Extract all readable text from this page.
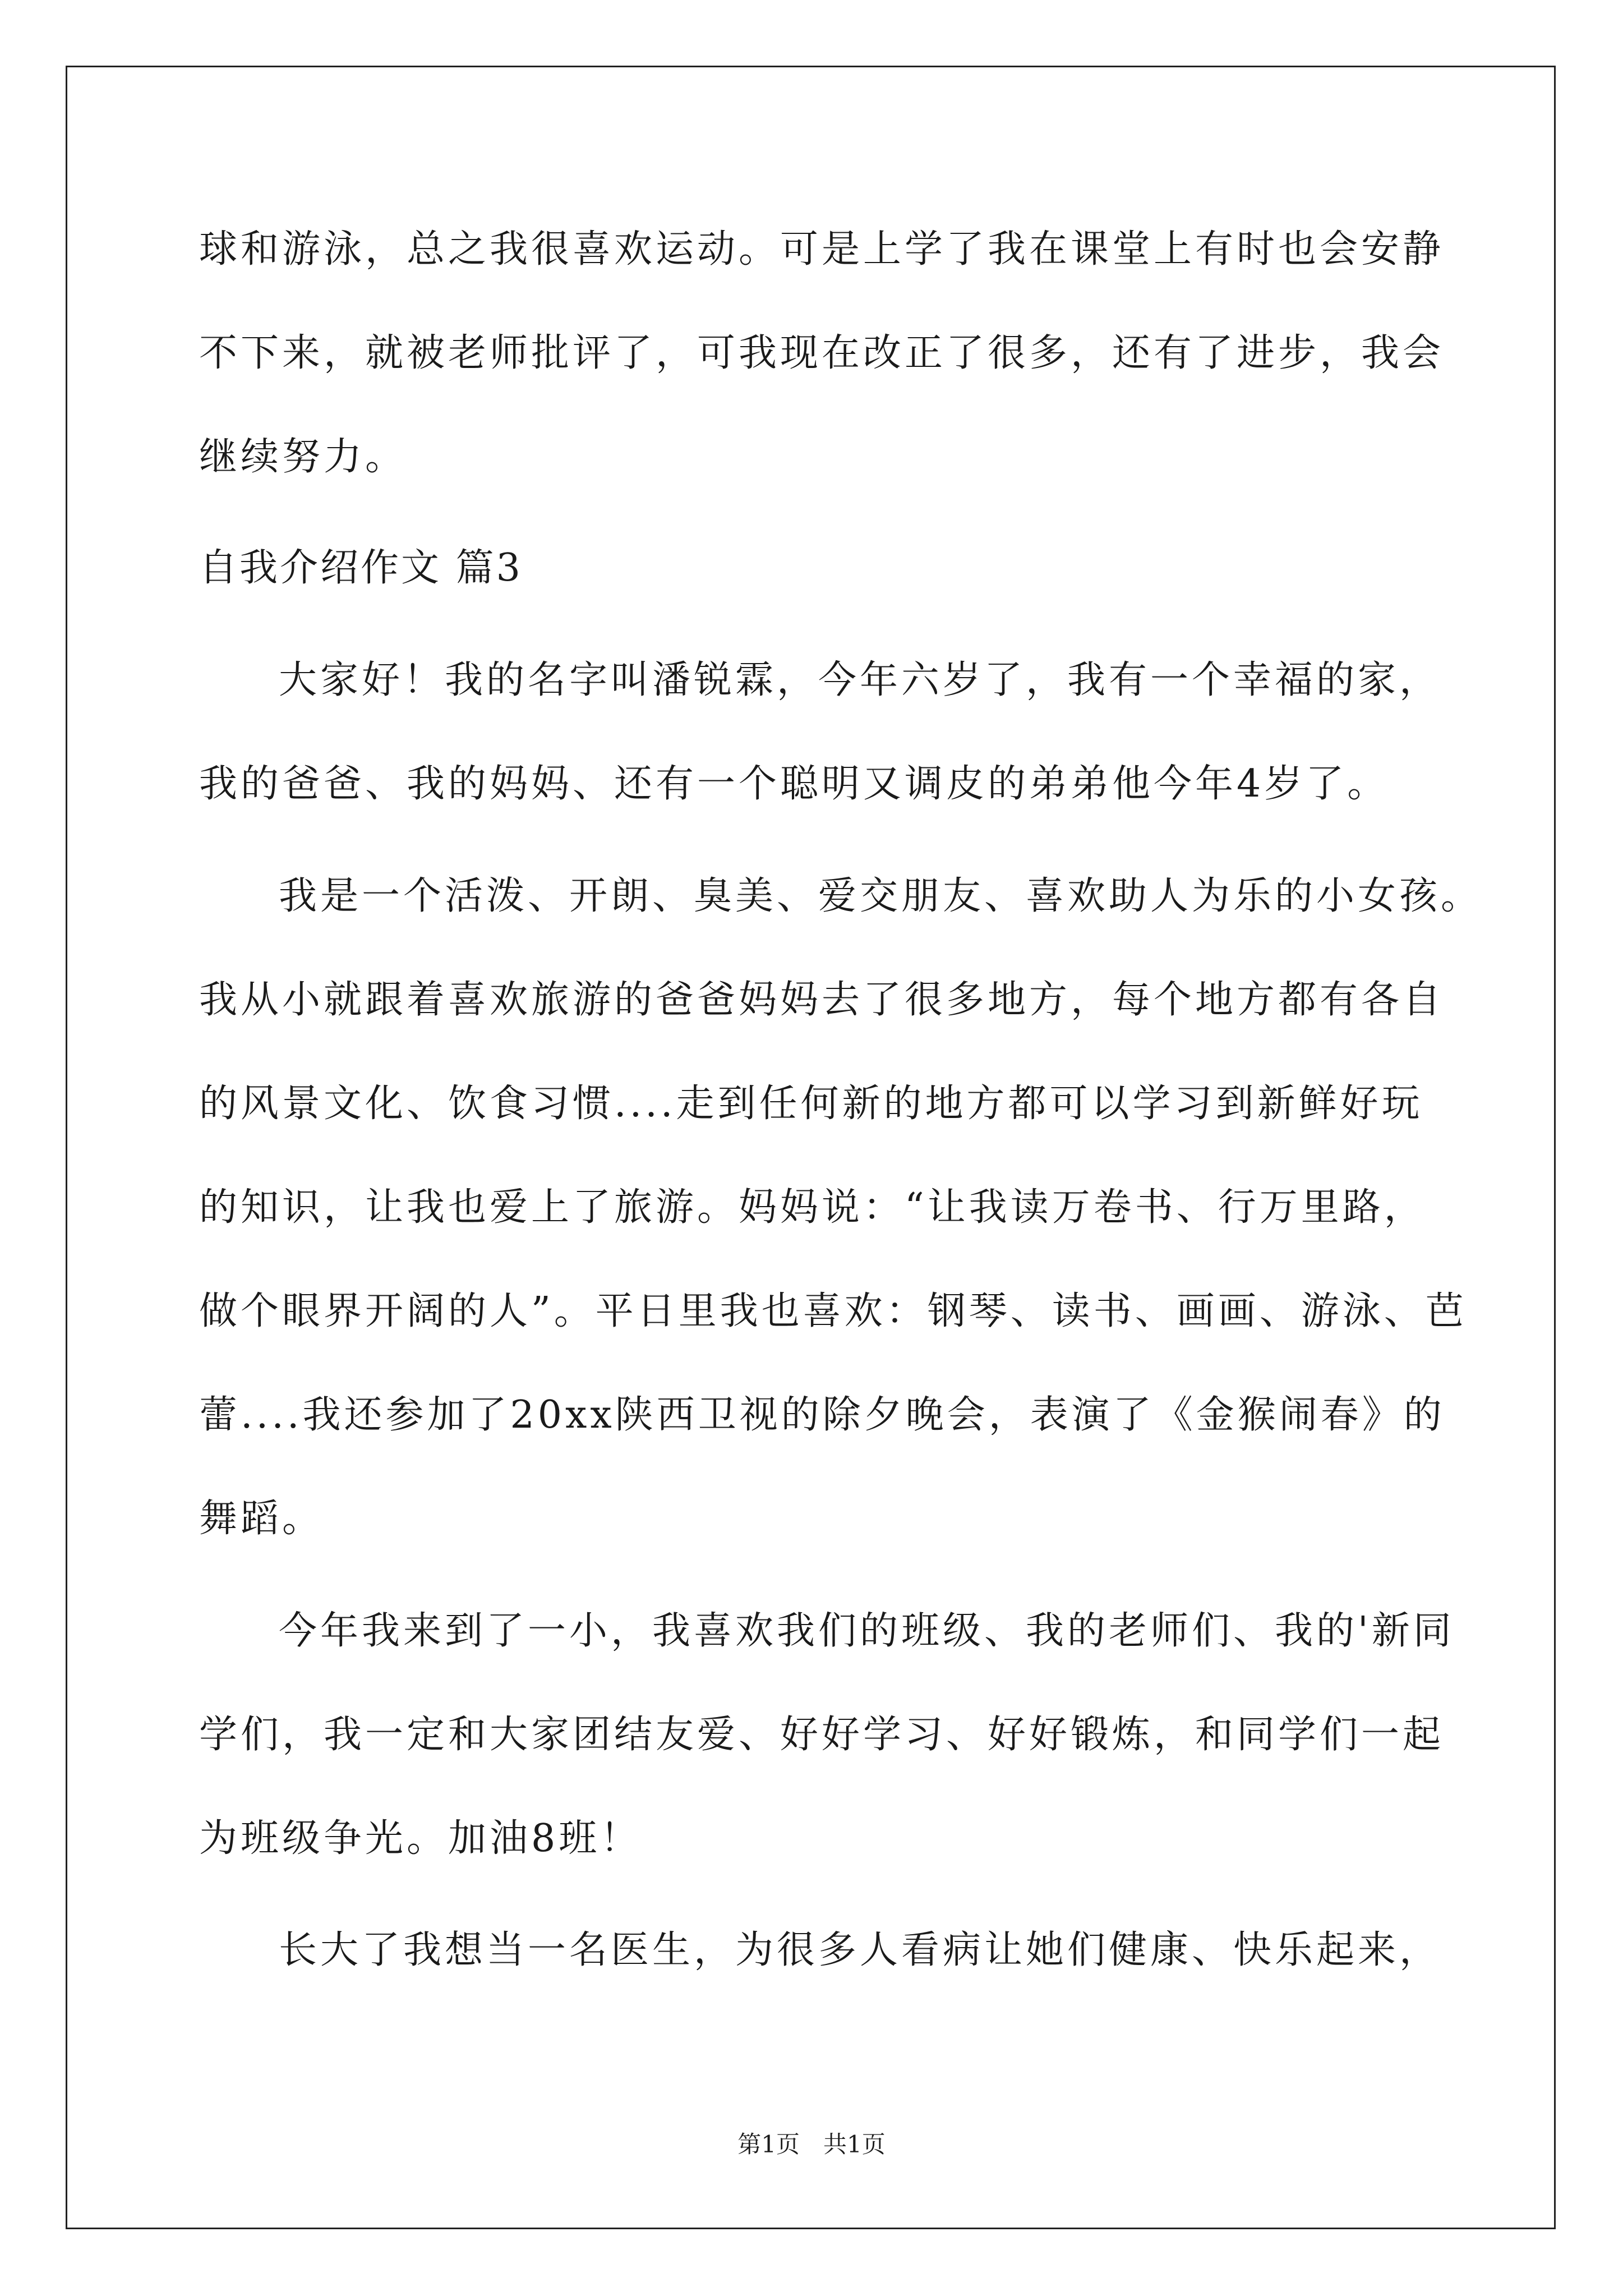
球和游泳，总之我很喜欢运动。可是上学了我在课堂上有时也会安静
不下来，就被老师批评了，可我现在改正了很多，还有了进步，我会
继续努力。
自我介绍作文 篇3
大家好！我的名字叫潘锐霖，今年六岁了，我有一个幸福的家，
我的爸爸、我的妈妈、还有一个聪明又调皮的弟弟他今年4岁了。
我是一个活泼、开朗、臭美、爱交朋友、喜欢助人为乐的小女孩。
我从小就跟着喜欢旅游的爸爸妈妈去了很多地方，每个地方都有各自
的风景文化、饮食习惯....走到任何新的地方都可以学习到新鲜好玩
的知识，让我也爱上了旅游。妈妈说：“让我读万卷书、行万里路，
做个眼界开阔的人”。平日里我也喜欢：钢琴、读书、画画、游泳、芭
蕾....我还参加了20xx陕西卫视的除夕晚会，表演了《金猴闹春》的
舞蹈。
今年我来到了一小，我喜欢我们的班级、我的老师们、我的'新同
学们，我一定和大家团结友爱、好好学习、好好锻炼，和同学们一起
为班级争光。加油8班！
长大了我想当一名医生，为很多人看病让她们健康、快乐起来，
第1页　共1页
